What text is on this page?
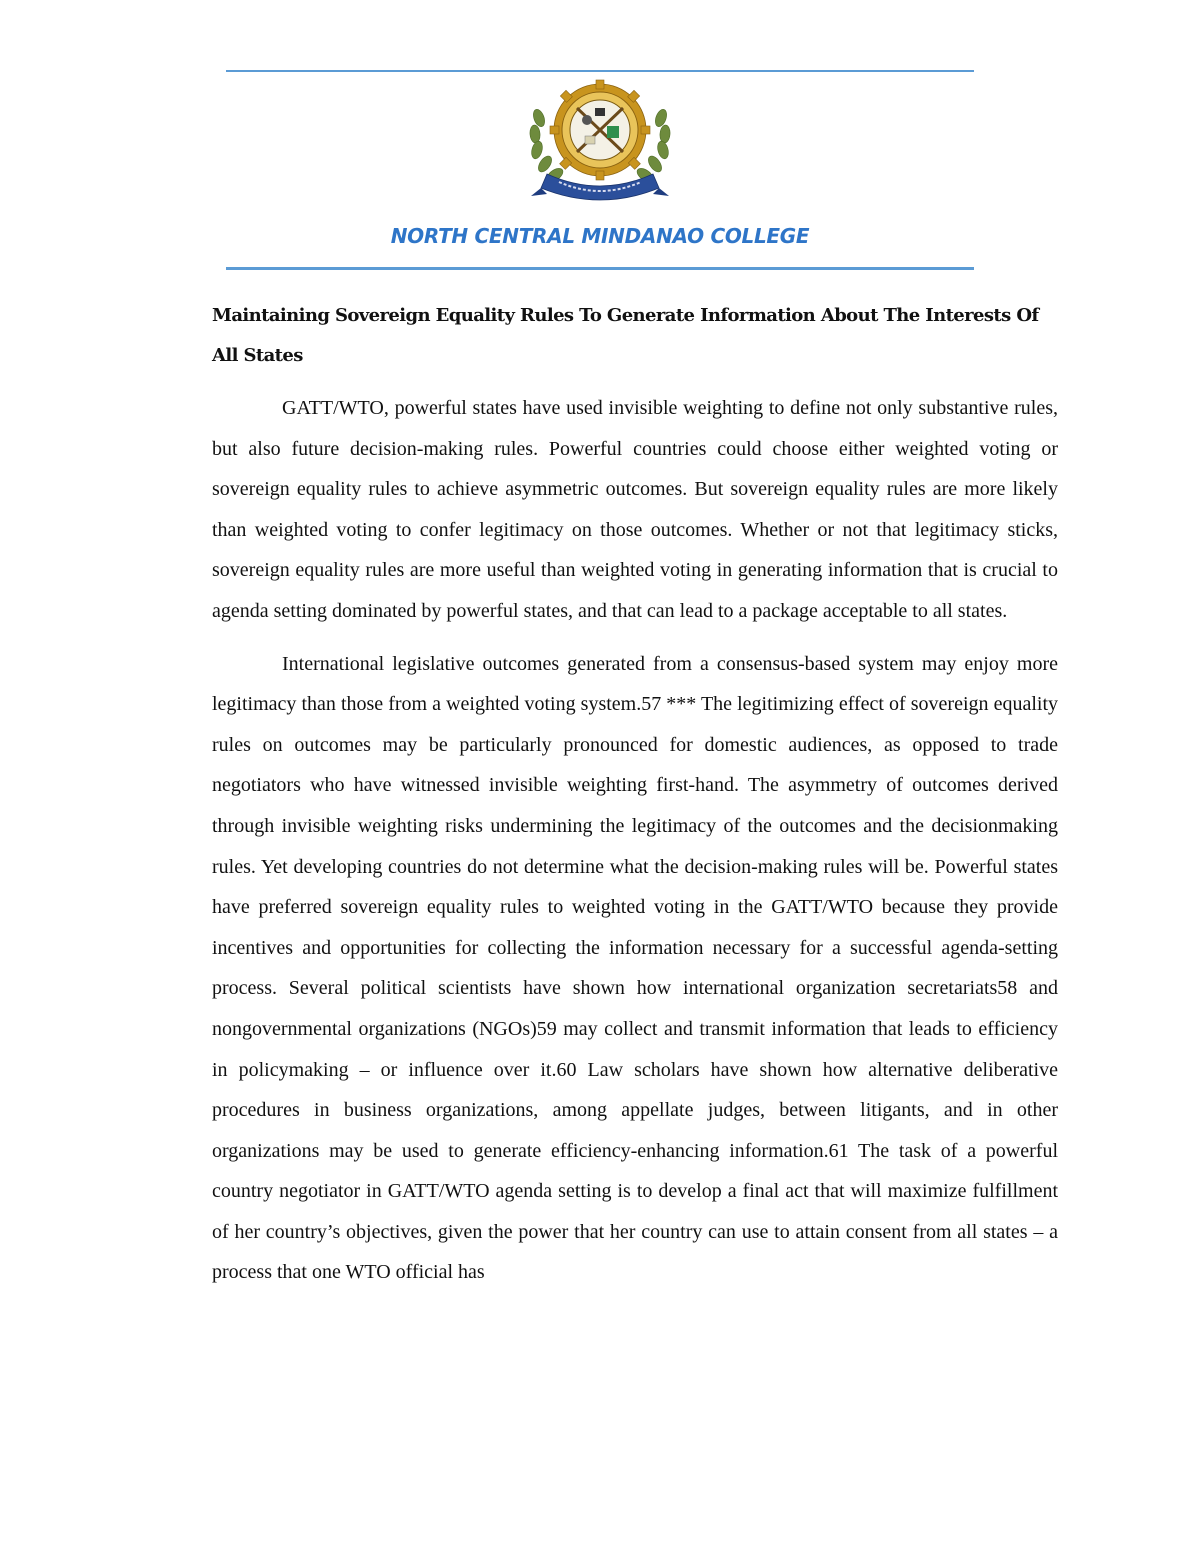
NORTH CENTRAL MINDANAO COLLEGE

Maintaining Sovereign Equality Rules To Generate Information About The Interests Of All States

GATT/WTO, powerful states have used invisible weighting to define not only substantive rules, but also future decision-making rules. Powerful countries could choose either weighted voting or sovereign equality rules to achieve asymmetric outcomes. But sovereign equality rules are more likely than weighted voting to confer legitimacy on those outcomes. Whether or not that legitimacy sticks, sovereign equality rules are more useful than weighted voting in generating information that is crucial to agenda setting dominated by powerful states, and that can lead to a package acceptable to all states.

International legislative outcomes generated from a consensus-based system may enjoy more legitimacy than those from a weighted voting system.57 *** The legitimizing effect of sovereign equality rules on outcomes may be particularly pronounced for domestic audiences, as opposed to trade negotiators who have witnessed invisible weighting first-hand. The asymmetry of outcomes derived through invisible weighting risks undermining the legitimacy of the outcomes and the decisionmaking rules. Yet developing countries do not determine what the decision-making rules will be. Powerful states have preferred sovereign equality rules to weighted voting in the GATT/WTO because they provide incentives and opportunities for collecting the information necessary for a successful agenda-setting process. Several political scientists have shown how international organization secretariats58 and nongovernmental organizations (NGOs)59 may collect and transmit information that leads to efficiency in policymaking – or influence over it.60 Law scholars have shown how alternative deliberative procedures in business organizations, among appellate judges, between litigants, and in other organizations may be used to generate efficiency-enhancing information.61 The task of a powerful country negotiator in GATT/WTO agenda setting is to develop a final act that will maximize fulfillment of her country’s objectives, given the power that her country can use to attain consent from all states – a process that one WTO official has
